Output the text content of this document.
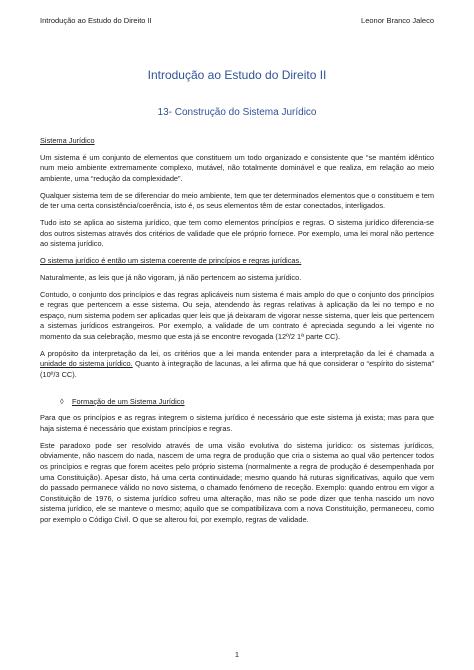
Introdução ao Estudo do Direito II	Leonor Branco Jaleco
Introdução ao Estudo do Direito II
13- Construção do Sistema Jurídico

Sistema Jurídico

Um sistema é um conjunto de elementos que constituem um todo organizado e consistente que “se mantém idêntico num meio ambiente extremamente complexo, mutável, não totalmente dominável e que realiza, em relação ao meio ambiente, uma “redução da complexidade”.

Qualquer sistema tem de se diferenciar do meio ambiente, tem que ter determinados elementos que o constituem e tem de ter uma certa consistência/coerência, isto é, os seus elementos têm de estar conectados, interligados.

Tudo isto se aplica ao sistema jurídico, que tem como elementos princípios e regras. O sistema jurídico diferencia-se dos outros sistemas através dos critérios de validade que ele próprio fornece. Por exemplo, uma lei moral não pertence ao sistema jurídico.

O sistema jurídico é então um sistema coerente de princípios e regras jurídicas.

Naturalmente, as leis que já não vigoram, já não pertencem ao sistema jurídico.

Contudo, o conjunto dos princípios e das regras aplicáveis num sistema é mais amplo do que o conjunto dos princípios e regras que pertencem a esse sistema. Ou seja, atendendo às regras relativas à aplicação da lei no tempo e no espaço, num sistema podem ser aplicadas quer leis que já deixaram de vigorar nesse sistema, quer leis que pertencem a sistemas jurídicos estrangeiros. Por exemplo, a validade de um contrato é apreciada segundo a lei vigente no momento da sua celebração, mesmo que esta já se encontre revogada (12º/2 1ª parte CC).

A propósito da interpretação da lei, os critérios que a lei manda entender para a interpretação da lei é chamada a unidade do sistema jurídico. Quanto à integração de lacunas, a lei afirma que há que considerar o “espírito do sistema” (10º/3 CC).

◊ Formação de um Sistema Jurídico

Para que os princípios e as regras integrem o sistema jurídico é necessário que este sistema já exista; mas para que haja sistema é necessário que existam princípios e regras.

Este paradoxo pode ser resolvido através de uma visão evolutiva do sistema jurídico: os sistemas jurídicos, obviamente, não nascem do nada, nascem de uma regra de produção que cria o sistema ao qual vão pertencer todos os princípios e regras que forem aceites pelo próprio sistema (normalmente a regra de produção é desempenhada por uma Constituição). Apesar disto, há uma certa continuidade; mesmo quando há ruturas significativas, aquilo que vem do passado permanece válido no novo sistema, o chamado fenómeno de receção. Exemplo: quando entrou em vigor a Constituição de 1976, o sistema jurídico sofreu uma alteração, mas não se pode dizer que tenha nascido um novo sistema jurídico, ele se manteve o mesmo; aquilo que se compatibilizava com a nova Constituição, permaneceu, como por exemplo o Código Civil. O que se alterou foi, por exemplo, regras de validade.

1
